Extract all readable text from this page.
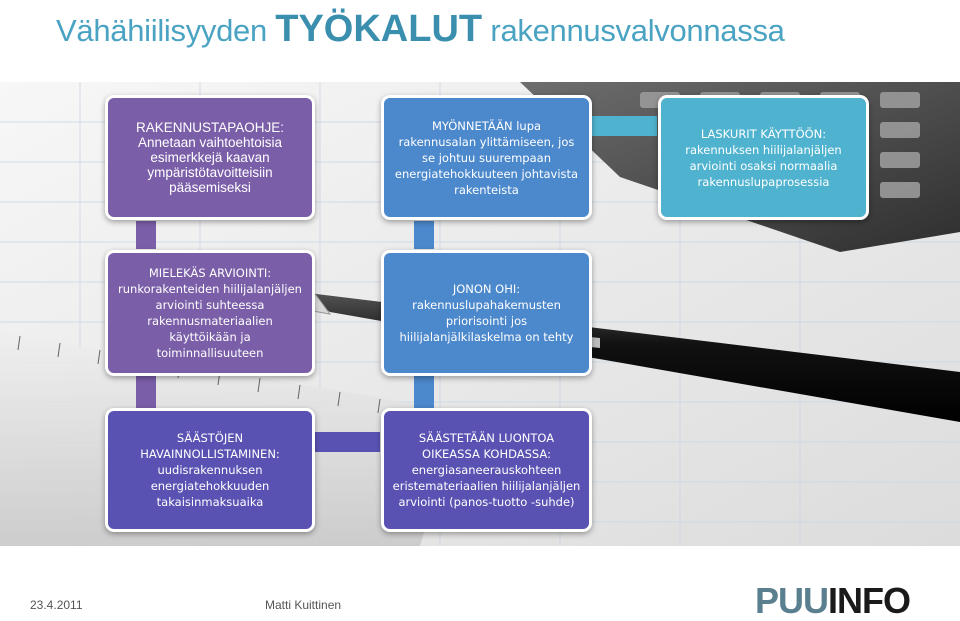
Vähähiilisyyden TYÖKALUT rakennusvalvonnassa
RAKENNUSTAPAOHJE: Annetaan vaihtoehtoisia esimerkkejä kaavan ympäristötavoitteisiin pääsemiseksi
MYÖNNETÄÄN lupa rakennusalan ylittämiseen, jos se johtuu suurempaan energiatehokkuuteen johtavista rakenteista
LASKURIT KÄYTTÖÖN: rakennuksen hiilijalanjäljen arviointi osaksi normaalia rakennuslupaprosessia
MIELEKÄS ARVIOINTI: runkorakenteiden hiilijalanjäljen arviointi suhteessa rakennusmateriaalien käyttöikään ja toiminnallisuuteen
JONON OHI: rakennuslupahakemusten priorisointi jos hiilijalanjälkilaskelma on tehty
SÄÄSTÖJEN HAVAINNOLLISTAMINEN: uudisrakennuksen energiatehokkuuden takaisinmaksuaika
SÄÄSTETÄÄN LUONTOA OIKEASSA KOHDASSA: energiasaneerauskohteen eristemateriaalien hiilijalanjäljen arviointi (panos-tuotto -suhde)
23.4.2011	Matti Kuittinen	PUUINFO
